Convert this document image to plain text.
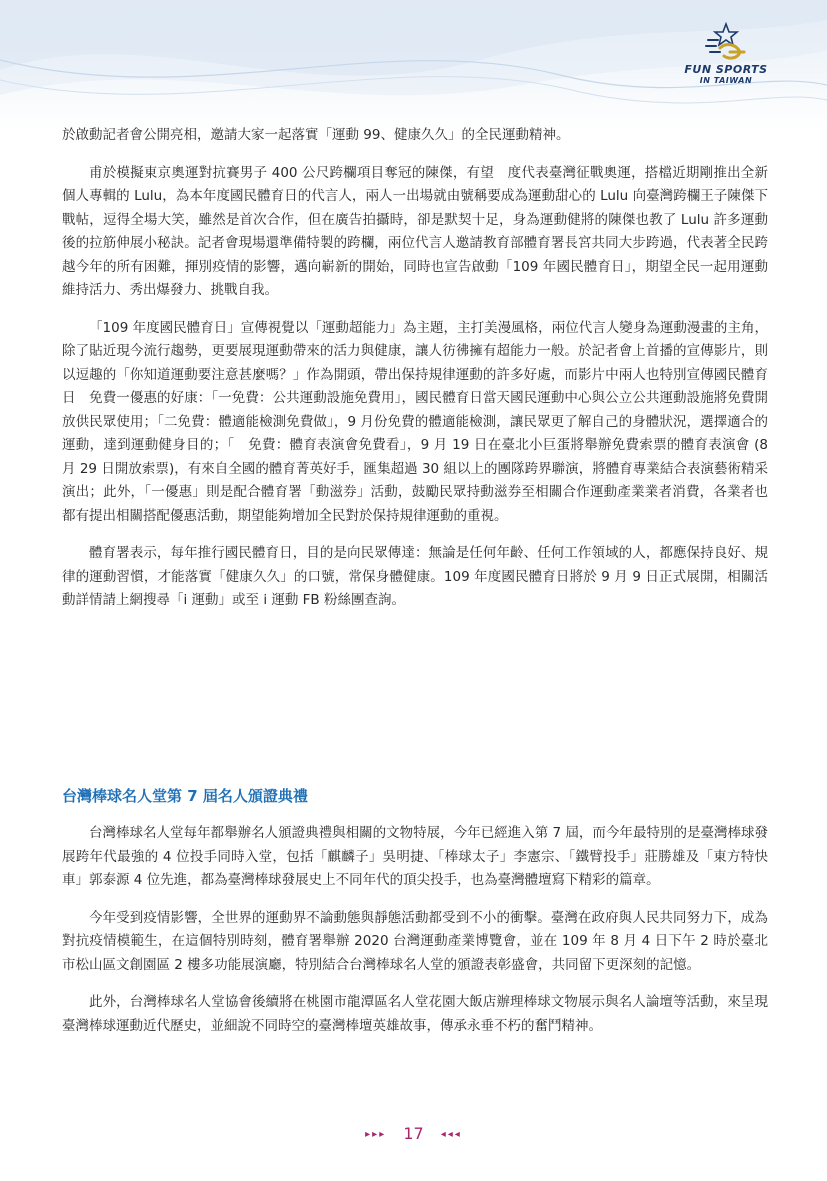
FUN SPORTS
IN TAIWAN

於啟動記者會公開亮相，邀請大家一起落實「運動 99、健康久久」的全民運動精神。

甫於模擬東京奧運對抗賽男子 400 公尺跨欄項目奪冠的陳傑，有望　度代表臺灣征戰奧運，搭檔近期剛推出全新個人專輯的 Lulu，為本年度國民體育日的代言人，兩人一出場就由號稱要成為運動甜心的 Lulu 向臺灣跨欄王子陳傑下戰帖，逗得全場大笑，雖然是首次合作，但在廣告拍攝時，卻是默契十足，身為運動健將的陳傑也教了 Lulu 許多運動後的拉筋伸展小秘訣。記者會現場還準備特製的跨欄，兩位代言人邀請教育部體育署長宮共同大步跨過，代表著全民跨越今年的所有困難，揮別疫情的影響，邁向嶄新的開始，同時也宣告啟動「109 年國民體育日」，期望全民一起用運動維持活力、秀出爆發力、挑戰自我。

「109 年度國民體育日」宣傳視覺以「運動超能力」為主題，主打美漫風格，兩位代言人變身為運動漫畫的主角，除了貼近現今流行趨勢，更要展現運動帶來的活力與健康，讓人彷彿擁有超能力一般。於記者會上首播的宣傳影片，則以逗趣的「你知道運動要注意甚麼嗎？」作為開頭，帶出保持規律運動的許多好處，而影片中兩人也特別宣傳國民體育日　免費一優惠的好康：「一免費：公共運動設施免費用」，國民體育日當天國民運動中心與公立公共運動設施將免費開放供民眾使用；「二免費：體適能檢測免費做」，9 月份免費的體適能檢測，讓民眾更了解自己的身體狀況，選擇適合的運動，達到運動健身目的；「　免費：體育表演會免費看」，9 月 19 日在臺北小巨蛋將舉辦免費索票的體育表演會 (8 月 29 日開放索票)，有來自全國的體育菁英好手，匯集超過 30 組以上的團隊跨界聯演，將體育專業結合表演藝術精采演出；此外，「一優惠」則是配合體育署「動滋券」活動，鼓勵民眾持動滋券至相關合作運動產業業者消費，各業者也都有提出相關搭配優惠活動，期望能夠增加全民對於保持規律運動的重視。

體育署表示，每年推行國民體育日，目的是向民眾傳達：無論是任何年齡、任何工作領域的人，都應保持良好、規律的運動習慣，才能落實「健康久久」的口號，常保身體健康。109 年度國民體育日將於 9 月 9 日正式展開，相關活動詳情請上網搜尋「i 運動」或至 i 運動 FB 粉絲團查詢。

台灣棒球名人堂第 7 屆名人頒證典禮

台灣棒球名人堂每年都舉辦名人頒證典禮與相關的文物特展，今年已經進入第 7 屆，而今年最特別的是臺灣棒球發展跨年代最強的 4 位投手同時入堂，包括「麒麟子」吳明捷、「棒球太子」李憲宗、「鐵臂投手」莊勝雄及「東方特快車」郭泰源 4 位先進，都為臺灣棒球發展史上不同年代的頂尖投手，也為臺灣體壇寫下精彩的篇章。

今年受到疫情影響，全世界的運動界不論動態與靜態活動都受到不小的衝擊。臺灣在政府與人民共同努力下，成為對抗疫情模範生，在這個特別時刻，體育署舉辦 2020 台灣運動產業博覽會，並在 109 年 8 月 4 日下午 2 時於臺北市松山區文創園區 2 樓多功能展演廳，特別結合台灣棒球名人堂的頒證表彰盛會，共同留下更深刻的記憶。

此外，台灣棒球名人堂協會後續將在桃園市龍潭區名人堂花園大飯店辦理棒球文物展示與名人論壇等活動，來呈現臺灣棒球運動近代歷史，並細說不同時空的臺灣棒壇英雄故事，傳承永垂不朽的奮鬥精神。

▸▸▸ 17 ◂◂◂
